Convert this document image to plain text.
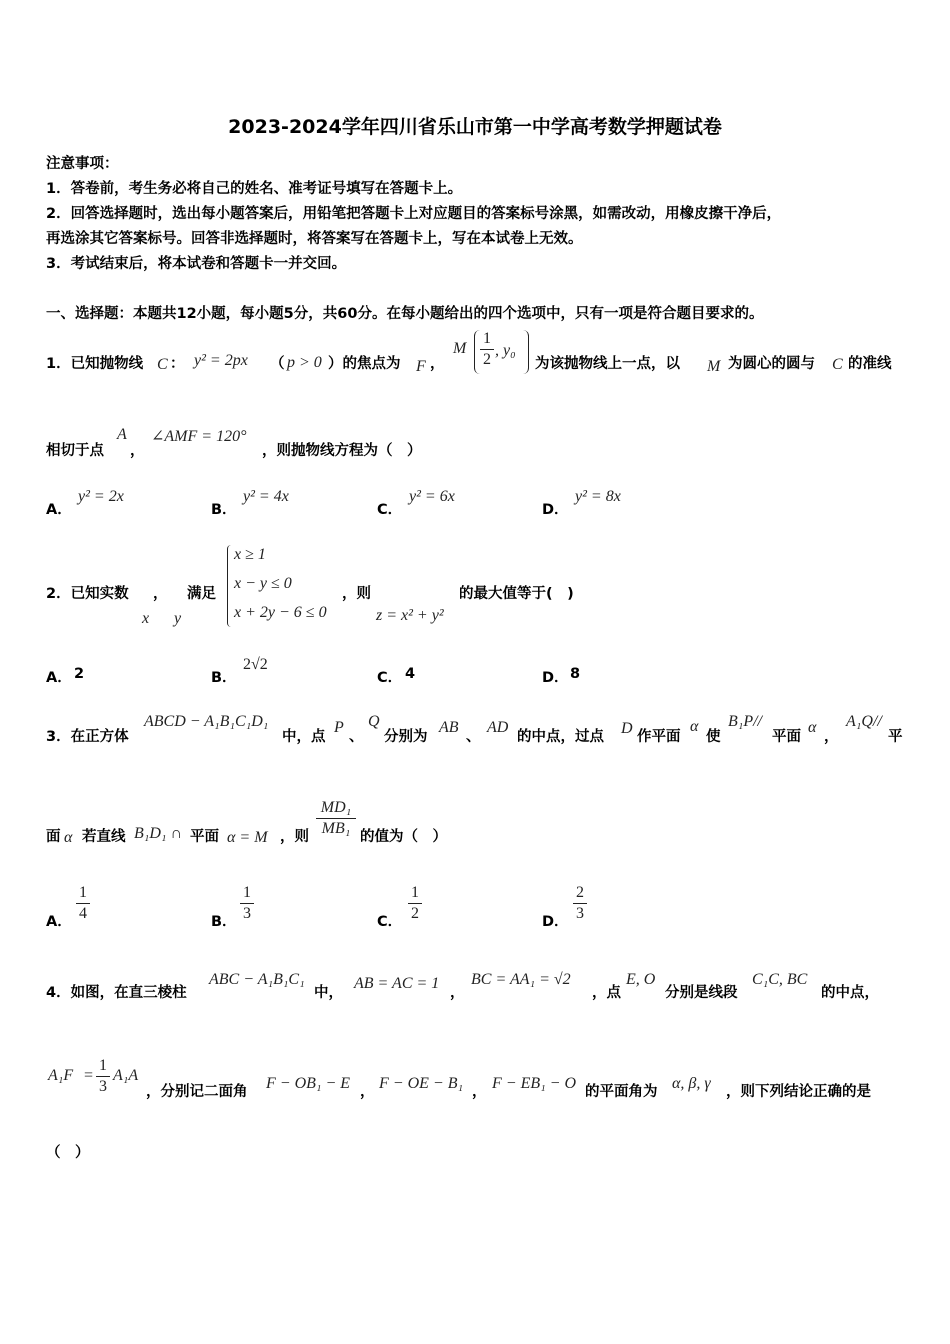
2023-2024学年四川省乐山市第一中学高考数学押题试卷
注意事项：
1．答卷前，考生务必将自己的姓名、准考证号填写在答题卡上。
2．回答选择题时，选出每小题答案后，用铅笔把答题卡上对应题目的答案标号涂黑，如需改动，用橡皮擦干净后，
再选涂其它答案标号。回答非选择题时，将答案写在答题卡上，写在本试卷上无效。
3．考试结束后，将本试卷和答题卡一并交回。
一、选择题：本题共12小题，每小题5分，共60分。在每小题给出的四个选项中，只有一项是符合题目要求的。
1．已知抛物线 C ： y² = 2px （ p > 0 ）的焦点为 F ，
M
1
2
, y₀
为该抛物线上一点，以 M 为圆心的圆与 C 的准线
相切于点
A
，
∠AMF = 120°
，则抛物线方程为（　）
A．
y² = 2x
B．
y² = 4x
C．
y² = 6x
D．
y² = 8x
2．已知实数 ， 满足
x y
x ≥ 1
x − y ≤ 0
x + 2y − 6 ≤ 0
，则
z = x² + y²
的最大值等于(　)
A． 2	B．
2√2
C． 4	D． 8
3．在正方体
ABCD − A₁B₁C₁D₁
中，点
P
、
Q
分别为
AB
、
AD
的中点，过点 D 作平面
α
使
B₁P//
平面
α
，
A₁Q//
平
面 α 若直线 B₁D₁ ∩ 平面 α = M ，则
MD₁
MB₁ 的值为（　）
A．
1
4	B．
1
3	C．
1
2	D．
2
3
4．如图，在直三棱柱
ABC − A₁B₁C₁
中，
AB = AC = 1
，
BC = AA₁ = √2
，点
E, O
分别是线段
C₁C, BC
的中点，
A₁F =
1
3
A₁A
，分别记二面角 F − OB₁ − E ， F − OE − B₁ ， F − EB₁ − O 的平面角为 α, β, γ ，则下列结论正确的是
（　）
